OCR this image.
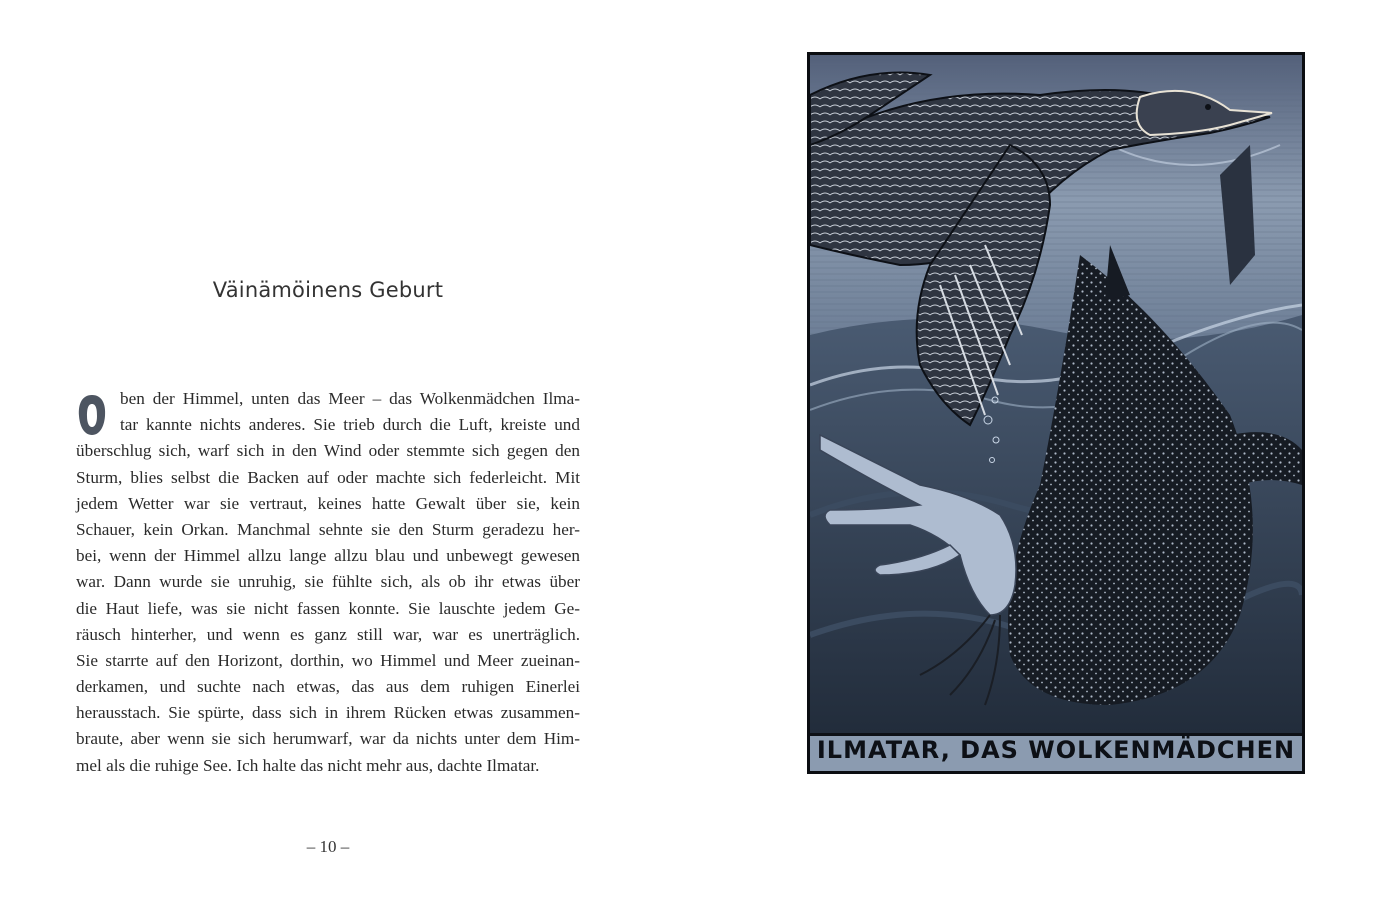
Väinämöinens Geburt
ben der Himmel, unten das Meer – das Wolkenmädchen Ilma-
tar kannte nichts anderes. Sie trieb durch die Luft, kreiste und
überschlug sich, warf sich in den Wind oder stemmte sich gegen den
Sturm, blies selbst die Backen auf oder machte sich federleicht. Mit
jedem Wetter war sie vertraut, keines hatte Gewalt über sie, kein
Schauer, kein Orkan. Manchmal sehnte sie den Sturm geradezu her-
bei, wenn der Himmel allzu lange allzu blau und unbewegt gewesen
war. Dann wurde sie unruhig, sie fühlte sich, als ob ihr etwas über
die Haut liefe, was sie nicht fassen konnte. Sie lauschte jedem Ge-
räusch hinterher, und wenn es ganz still war, war es unerträglich.
Sie starrte auf den Horizont, dorthin, wo Himmel und Meer zueinan-
derkamen, und suchte nach etwas, das aus dem ruhigen Einerlei
herausstach. Sie spürte, dass sich in ihrem Rücken etwas zusammen-
braute, aber wenn sie sich herumwarf, war da nichts unter dem Him-
mel als die ruhige See. Ich halte das nicht mehr aus, dachte Ilmatar.
– 10 –
ILMATAR, DAS WOLKENMÄDCHEN
